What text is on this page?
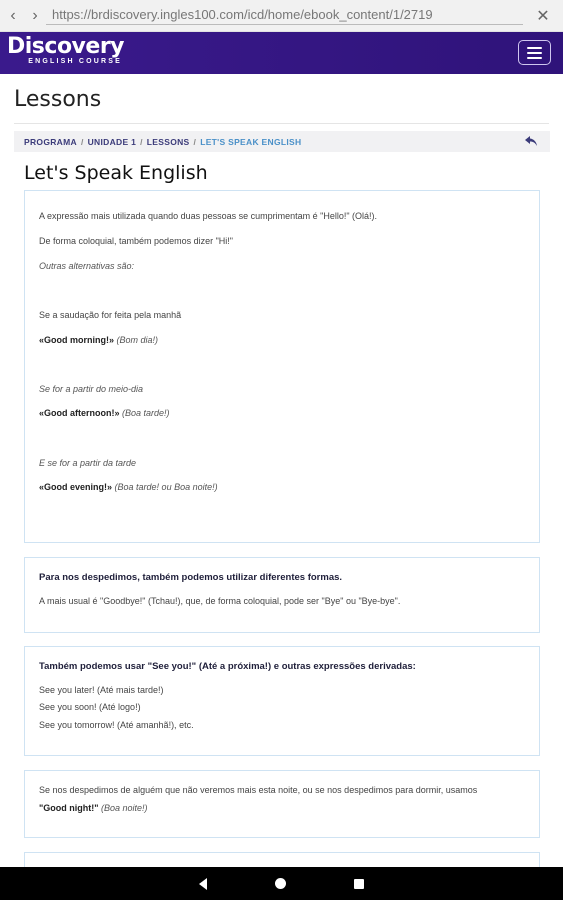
‹	›	https://brdiscovery.ingles100.com/icd/home/ebook_content/1/2719	✕
Discovery
ENGLISH COURSE
Lessons
PROGRAMA / UNIDADE 1 / LESSONS / LET'S SPEAK ENGLISH
Let's Speak English

A expressão mais utilizada quando duas pessoas se cumprimentam é "Hello!" (Olá!).

De forma coloquial, também podemos dizer "Hi!"

Outras alternativas são:

Se a saudação for feita pela manhã

«Good morning!» (Bom dia!)

Se for a partir do meio-dia

«Good afternoon!» (Boa tarde!)

E se for a partir da tarde

«Good evening!» (Boa tarde! ou Boa noite!)

Para nos despedimos, também podemos utilizar diferentes formas.

A mais usual é "Goodbye!" (Tchau!), que, de forma coloquial, pode ser "Bye" ou "Bye-bye".

Também podemos usar "See you!" (Até a próxima!) e outras expressões derivadas:

See you later! (Até mais tarde!)

See you soon! (Até logo!)

See you tomorrow! (Até amanhã!), etc.

Se nos despedimos de alguém que não veremos mais esta noite, ou se nos despedimos para dormir, usamos

"Good night!" (Boa noite!)
